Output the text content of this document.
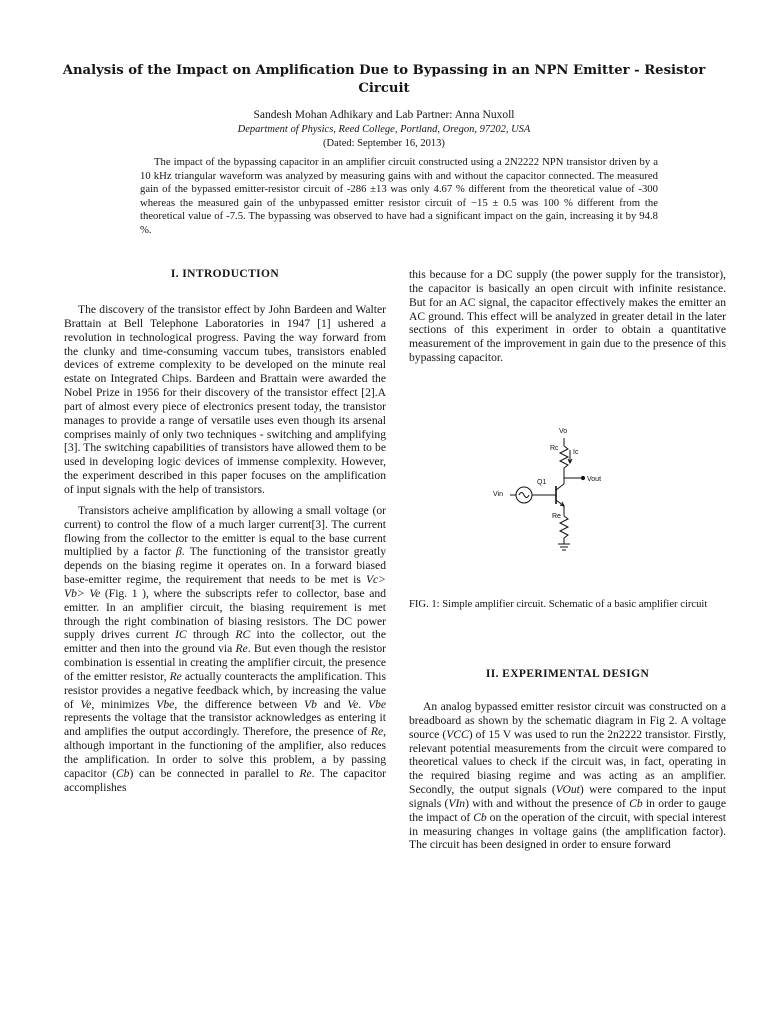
Analysis of the Impact on Amplification Due to Bypassing in an NPN Emitter - Resistor Circuit
Sandesh Mohan Adhikary and Lab Partner: Anna Nuxoll
Department of Physics, Reed College, Portland, Oregon, 97202, USA
(Dated: September 16, 2013)

The impact of the bypassing capacitor in an amplifier circuit constructed using a 2N2222 NPN transistor driven by a 10 kHz triangular waveform was analyzed by measuring gains with and without the capacitor connected. The measured gain of the bypassed emitter-resistor circuit of -286 ±13 was only 4.67 % different from the theoretical value of -300 whereas the measured gain of the unbypassed emitter resistor circuit of −15 ± 0.5 was 100 % different from the theoretical value of -7.5. The bypassing was observed to have had a significant impact on the gain, increasing it by 94.8 %.

I. INTRODUCTION

The discovery of the transistor effect by John Bardeen and Walter Brattain at Bell Telephone Laboratories in 1947 [1] ushered a revolution in technological progress. Paving the way forward from the clunky and time-consuming vaccum tubes, transistors enabled devices of extreme complexity to be developed on the minute real estate on Integrated Chips. Bardeen and Brattain were awarded the Nobel Prize in 1956 for their discovery of the transistor effect [2].A part of almost every piece of electronics present today, the transistor manages to provide a range of versatile uses even though its arsenal comprises mainly of only two techniques - switching and amplifying [3]. The switching capabilities of transistors have allowed them to be used in developing logic devices of immense complexity. However, the experiment described in this paper focuses on the amplification of input signals with the help of transistors.

Transistors acheive amplification by allowing a small voltage (or current) to control the flow of a much larger current[3]. The current flowing from the collector to the emitter is equal to the base current multiplied by a factor β. The functioning of the transistor greatly depends on the biasing regime it operates on. In a forward biased base-emitter regime, the requirement that needs to be met is Vc> Vb> Ve (Fig. 1 ), where the subscripts refer to collector, base and emitter. In an amplifier circuit, the biasing requirement is met through the right combination of biasing resistors. The DC power supply drives current IC through RC into the collector, out the emitter and then into the ground via Re. But even though the resistor combination is essential in creating the amplifier circuit, the presence of the emitter resistor, Re actually counteracts the amplification. This resistor provides a negative feedback which, by increasing the value of Ve, minimizes Vbe, the difference between Vb and Ve. Vbe represents the voltage that the transistor acknowledges as entering it and amplifies the output accordingly. Therefore, the presence of Re, although important in the functioning of the amplifier, also reduces the amplification. In order to solve this problem, a by passing capacitor (Cb) can be connected in parallel to Re. The capacitor accomplishes

this because for a DC supply (the power supply for the transistor), the capacitor is basically an open circuit with infinite resistance. But for an AC signal, the capacitor effectively makes the emitter an AC ground. This effect will be analyzed in greater detail in the later sections of this experiment in order to obtain a quantitative measurement of the improvement in gain due to the presence of this bypassing capacitor.

Vo
Rc
Ic
Vout
Q1
Vin
Re
FIG. 1: Simple amplifier circuit. Schematic of a basic amplifier circuit
II. EXPERIMENTAL DESIGN

An analog bypassed emitter resistor circuit was constructed on a breadboard as shown by the schematic diagram in Fig 2. A voltage source (VCC) of 15 V was used to run the 2n2222 transistor. Firstly, relevant potential measurements from the circuit were compared to theoretical values to check if the circuit was, in fact, operating in the required biasing regime and was acting as an amplifier. Secondly, the output signals (VOut) were compared to the input signals (VIn) with and without the presence of Cb in order to gauge the impact of Cb on the operation of the circuit, with special interest in measuring changes in voltage gains (the amplification factor). The circuit has been designed in order to ensure forward
